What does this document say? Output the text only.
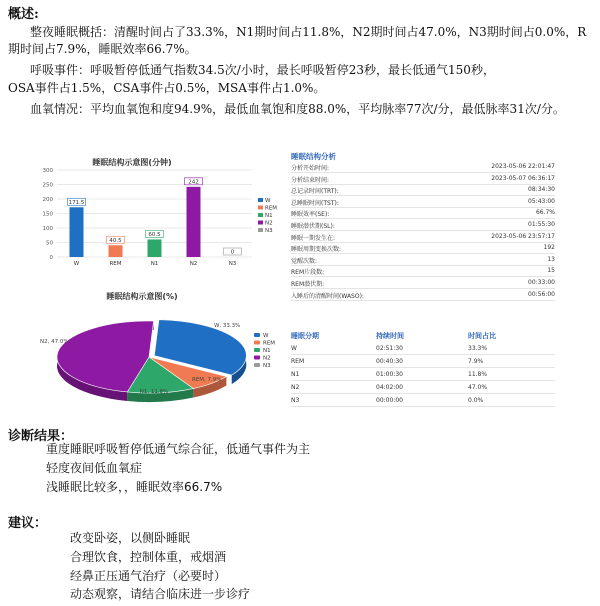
概述:
整夜睡眠概括：清醒时间占了33.3%，N1期时间占11.8%，N2期时间占47.0%，N3期时间占0.0%，R
期时间占7.9%，睡眠效率66.7%。
呼吸事件：呼吸暂停低通气指数34.5次/小时，最长呼吸暂停23秒，最长低通气150秒，
OSA事件占1.5%，CSA事件占0.5%，MSA事件占1.0%。
血氧情况：平均血氧饱和度94.9%，最低血氧饱和度88.0%，平均脉率77次/分，最低脉率31次/分。
睡眠结构示意图(分钟)
0
50
100
150
200
250
300
171.5
W
40.5
REM
60.5
N1
242
N2
0
N3
W
REM
N1
N2
N3
睡眠结构示意图(%)
W, 33.3%
REM, 7.9%
N1, 11.8%
N2, 47.0%
W
REM
N1
N2
N3
睡眠结构分析
分析开始时间:	2023-05-06 22:01:47
分析结束时间:	2023-05-07 06:36:17
总记录时间(TRT):	08:34:30
总睡眠时间(TST):	05:43:00
睡眠效率(SE):	66.7%
睡眠潜伏期(SL):	01:55:30
睡眠一期发生在:	2023-05-06 23:57:17
睡眠周期变换次数:	192
觉醒次数:	13
REM片段数:	15
REM潜伏期:	00:33:00
入睡后的清醒时间(WASO):	00:56:00
睡眠分期	持续时间	时间占比
W	02:51:30	33.3%
REM	00:40:30	7.9%
N1	01:00:30	11.8%
N2	04:02:00	47.0%
N3	00:00:00	0.0%
诊断结果：
重度睡眠呼吸暂停低通气综合征，低通气事件为主
轻度夜间低血氧症
浅睡眠比较多，，睡眠效率66.7%
建议：
改变卧姿，以侧卧睡眠
合理饮食，控制体重，戒烟酒
经鼻正压通气治疗（必要时）
动态观察，请结合临床进一步诊疗
